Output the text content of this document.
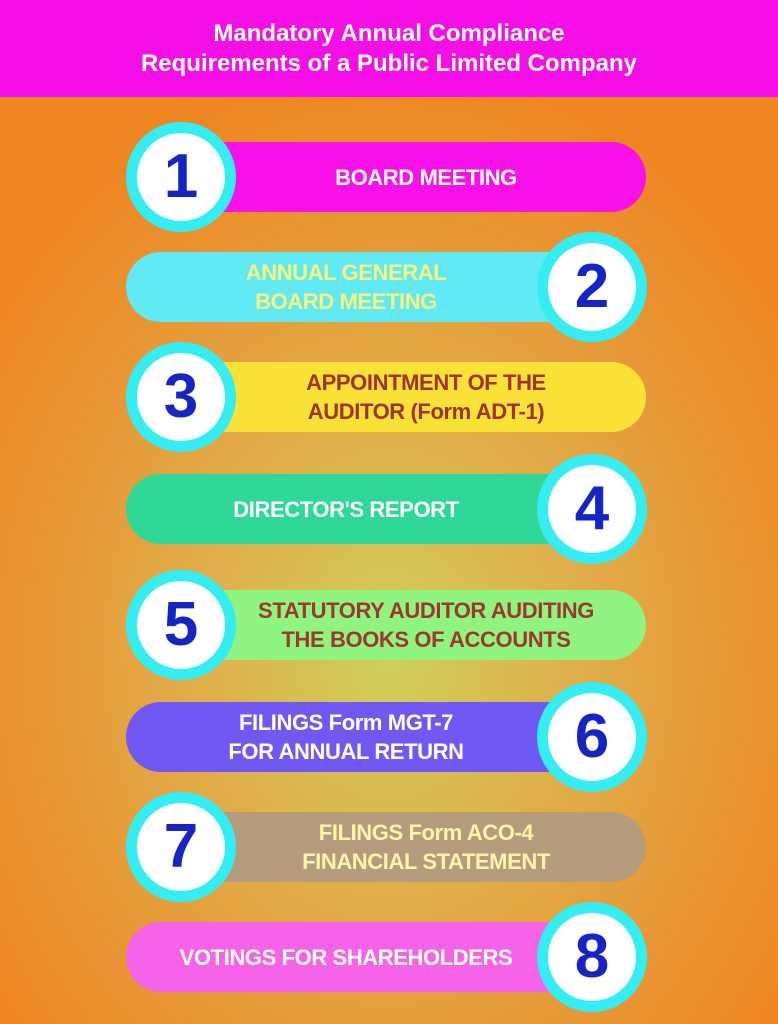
Mandatory Annual Compliance
Requirements of a Public Limited Company
BOARD MEETING
1
ANNUAL GENERAL
BOARD MEETING 2
APPOINTMENT OF THE
AUDITOR (Form ADT-1)
3
DIRECTOR'S REPORT 4
STATUTORY AUDITOR AUDITING
THE BOOKS OF ACCOUNTS
5
FILINGS Form MGT-7
FOR ANNUAL RETURN 6
FILINGS Form ACO-4
FINANCIAL STATEMENT
7
VOTINGS FOR SHAREHOLDERS 8
